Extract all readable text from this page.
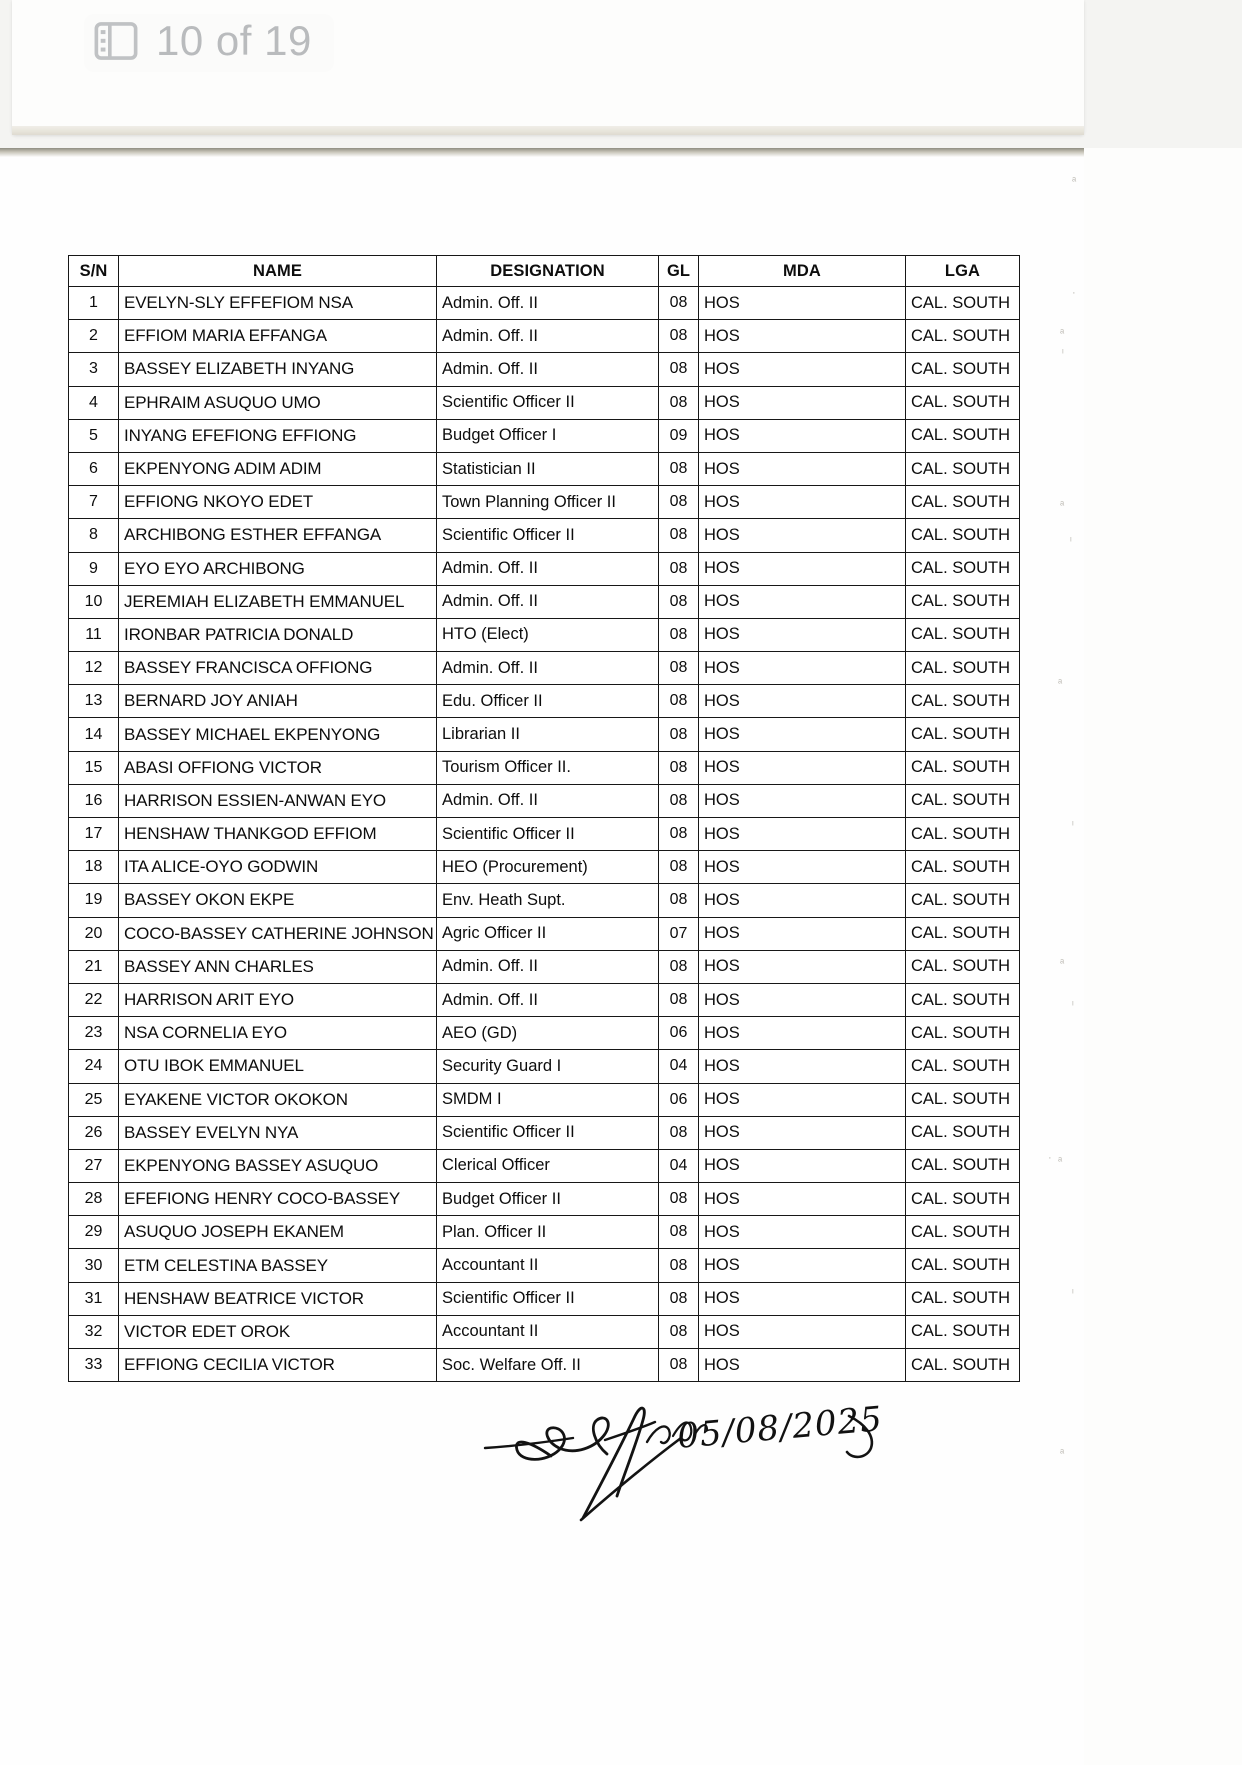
10 of 19
ᵃ
ᵃ
·
ᶦ
ᵃ
ᶦ
ᵃ
ᶦ
ᵃ
ᶦ
ᵃ
ᶦ
ᵃ
·
S/N	NAME	DESIGNATION	GL	MDA	LGA
1	EVELYN-SLY EFFEFIOM NSA	Admin. Off. II	08	HOS	CAL. SOUTH
2	EFFIOM MARIA EFFANGA	Admin. Off. II	08	HOS	CAL. SOUTH
3	BASSEY ELIZABETH INYANG	Admin. Off. II	08	HOS	CAL. SOUTH
4	EPHRAIM ASUQUO UMO	Scientific Officer II	08	HOS	CAL. SOUTH
5	INYANG EFEFIONG EFFIONG	Budget Officer I	09	HOS	CAL. SOUTH
6	EKPENYONG ADIM ADIM	Statistician II	08	HOS	CAL. SOUTH
7	EFFIONG NKOYO EDET	Town Planning Officer II	08	HOS	CAL. SOUTH
8	ARCHIBONG ESTHER EFFANGA	Scientific Officer II	08	HOS	CAL. SOUTH
9	EYO EYO ARCHIBONG	Admin. Off. II	08	HOS	CAL. SOUTH
10	JEREMIAH ELIZABETH EMMANUEL	Admin. Off. II	08	HOS	CAL. SOUTH
11	IRONBAR PATRICIA DONALD	HTO (Elect)	08	HOS	CAL. SOUTH
12	BASSEY FRANCISCA OFFIONG	Admin. Off. II	08	HOS	CAL. SOUTH
13	BERNARD JOY ANIAH	Edu. Officer II	08	HOS	CAL. SOUTH
14	BASSEY MICHAEL EKPENYONG	Librarian II	08	HOS	CAL. SOUTH
15	ABASI OFFIONG VICTOR	Tourism Officer II.	08	HOS	CAL. SOUTH
16	HARRISON ESSIEN-ANWAN EYO	Admin. Off. II	08	HOS	CAL. SOUTH
17	HENSHAW THANKGOD EFFIOM	Scientific Officer II	08	HOS	CAL. SOUTH
18	ITA ALICE-OYO GODWIN	HEO (Procurement)	08	HOS	CAL. SOUTH
19	BASSEY OKON EKPE	Env. Heath Supt.	08	HOS	CAL. SOUTH
20	COCO-BASSEY CATHERINE JOHNSON	Agric Officer II	07	HOS	CAL. SOUTH
21	BASSEY ANN CHARLES	Admin. Off. II	08	HOS	CAL. SOUTH
22	HARRISON ARIT EYO	Admin. Off. II	08	HOS	CAL. SOUTH
23	NSA CORNELIA EYO	AEO (GD)	06	HOS	CAL. SOUTH
24	OTU IBOK EMMANUEL	Security Guard I	04	HOS	CAL. SOUTH
25	EYAKENE VICTOR OKOKON	SMDM I	06	HOS	CAL. SOUTH
26	BASSEY EVELYN NYA	Scientific Officer II	08	HOS	CAL. SOUTH
27	EKPENYONG BASSEY ASUQUO	Clerical Officer	04	HOS	CAL. SOUTH
28	EFEFIONG HENRY COCO-BASSEY	Budget Officer II	08	HOS	CAL. SOUTH
29	ASUQUO JOSEPH EKANEM	Plan. Officer II	08	HOS	CAL. SOUTH
30	ETM CELESTINA BASSEY	Accountant II	08	HOS	CAL. SOUTH
31	HENSHAW BEATRICE VICTOR	Scientific Officer II	08	HOS	CAL. SOUTH
32	VICTOR EDET OROK	Accountant II	08	HOS	CAL. SOUTH
33	EFFIONG CECILIA VICTOR	Soc. Welfare Off. II	08	HOS	CAL. SOUTH
05/08/2025
